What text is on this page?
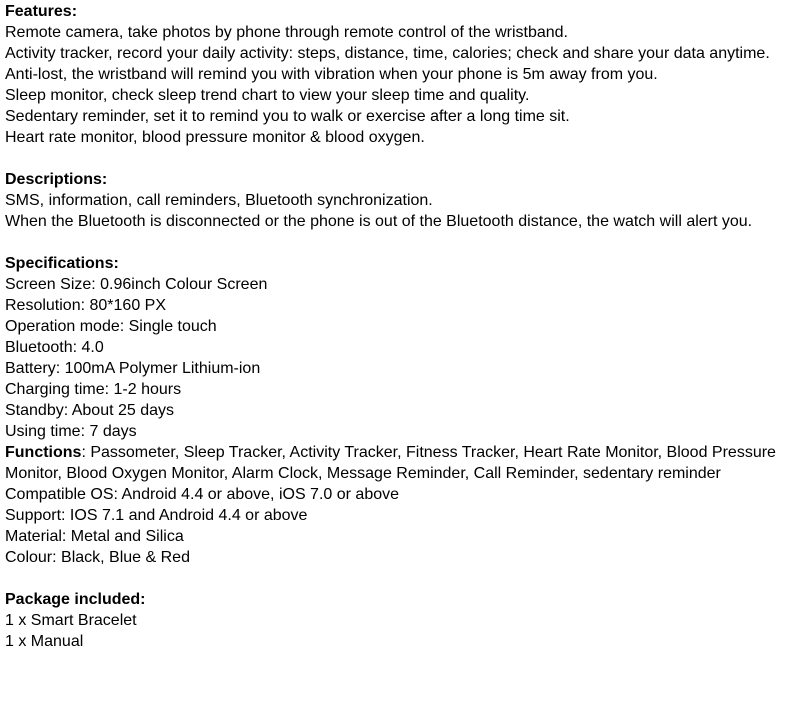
Features:

Remote camera, take photos by phone through remote control of the wristband.

Activity tracker, record your daily activity: steps, distance, time, calories; check and share your data anytime.

Anti-lost, the wristband will remind you with vibration when your phone is 5m away from you.

Sleep monitor, check sleep trend chart to view your sleep time and quality.

Sedentary reminder, set it to remind you to walk or exercise after a long time sit.

Heart rate monitor, blood pressure monitor & blood oxygen.

Descriptions:

SMS, information, call reminders, Bluetooth synchronization.

When the Bluetooth is disconnected or the phone is out of the Bluetooth distance, the watch will alert you.

Specifications:

Screen Size: 0.96inch Colour Screen

Resolution: 80*160 PX

Operation mode: Single touch

Bluetooth: 4.0

Battery: 100mA Polymer Lithium-ion

Charging time: 1-2 hours

Standby: About 25 days

Using time: 7 days

Functions: Passometer, Sleep Tracker, Activity Tracker, Fitness Tracker, Heart Rate Monitor, Blood Pressure Monitor, Blood Oxygen Monitor, Alarm Clock, Message Reminder, Call Reminder, sedentary reminder

Compatible OS: Android 4.4 or above, iOS 7.0 or above

Support: IOS 7.1 and Android 4.4 or above

Material: Metal and Silica

Colour: Black, Blue & Red

Package included:

1 x Smart Bracelet

1 x Manual
